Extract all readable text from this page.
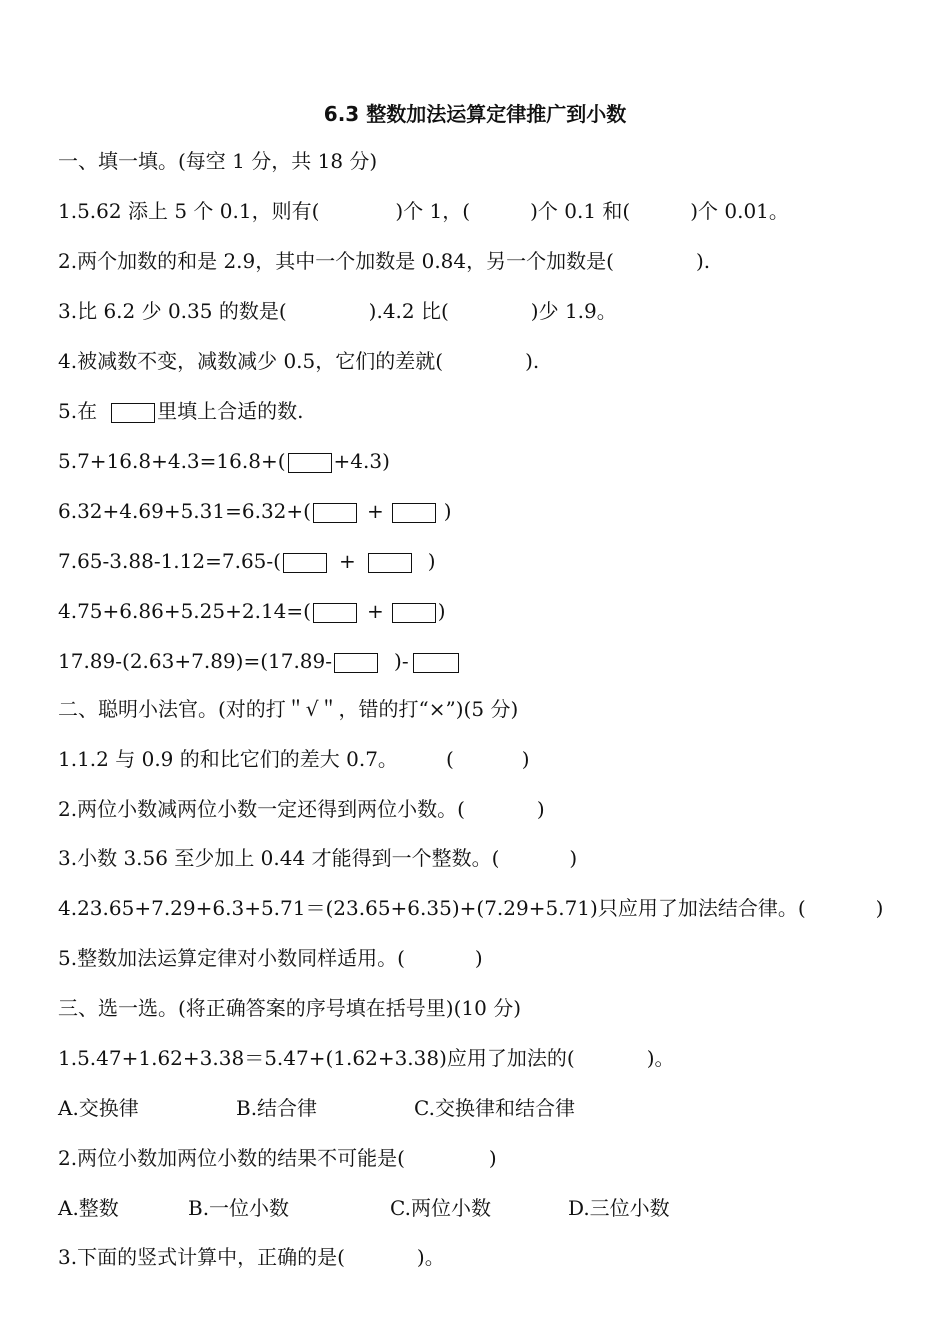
6.3 整数加法运算定律推广到小数
一、填一填。(每空 1 分，共 18 分)
1.5.62 添上 5 个 0.1，则有(	)个 1，(	)个 0.1 和(	)个 0.01。
2.两个加数的和是 2.9，其中一个加数是 0.84，另一个加数是(	).
3.比 6.2 少 0.35 的数是(	).4.2 比(	)少 1.9。
4.被减数不变，减数减少 0.5，它们的差就(	).
5.在	里填上合适的数.
5.7+16.8+4.3=16.8+( +4.3)
6.32+4.69+5.31=6.32+(	+	)
7.65-3.88-1.12=7.65-(	+	)
4.75+6.86+5.25+2.14=(	+	)
17.89-(2.63+7.89)=(17.89-	)-
二、聪明小法官。(对的打＂√＂，错的打“×”)(5 分)
1.1.2 与 0.9 的和比它们的差大 0.7。 (	)
2.两位小数减两位小数一定还得到两位小数。(	)
3.小数 3.56 至少加上 0.44 才能得到一个整数。(	)
4.23.65+7.29+6.3+5.71＝(23.65+6.35)+(7.29+5.71)只应用了加法结合律。(	)
5.整数加法运算定律对小数同样适用。(	)
三、选一选。(将正确答案的序号填在括号里)(10 分)
1.5.47+1.62+3.38＝5.47+(1.62+3.38)应用了加法的(	)。
A.交换律	B.结合律	C.交换律和结合律
2.两位小数加两位小数的结果不可能是(	)
A.整数	B.一位小数	C.两位小数	D.三位小数
3.下面的竖式计算中，正确的是(	)。
